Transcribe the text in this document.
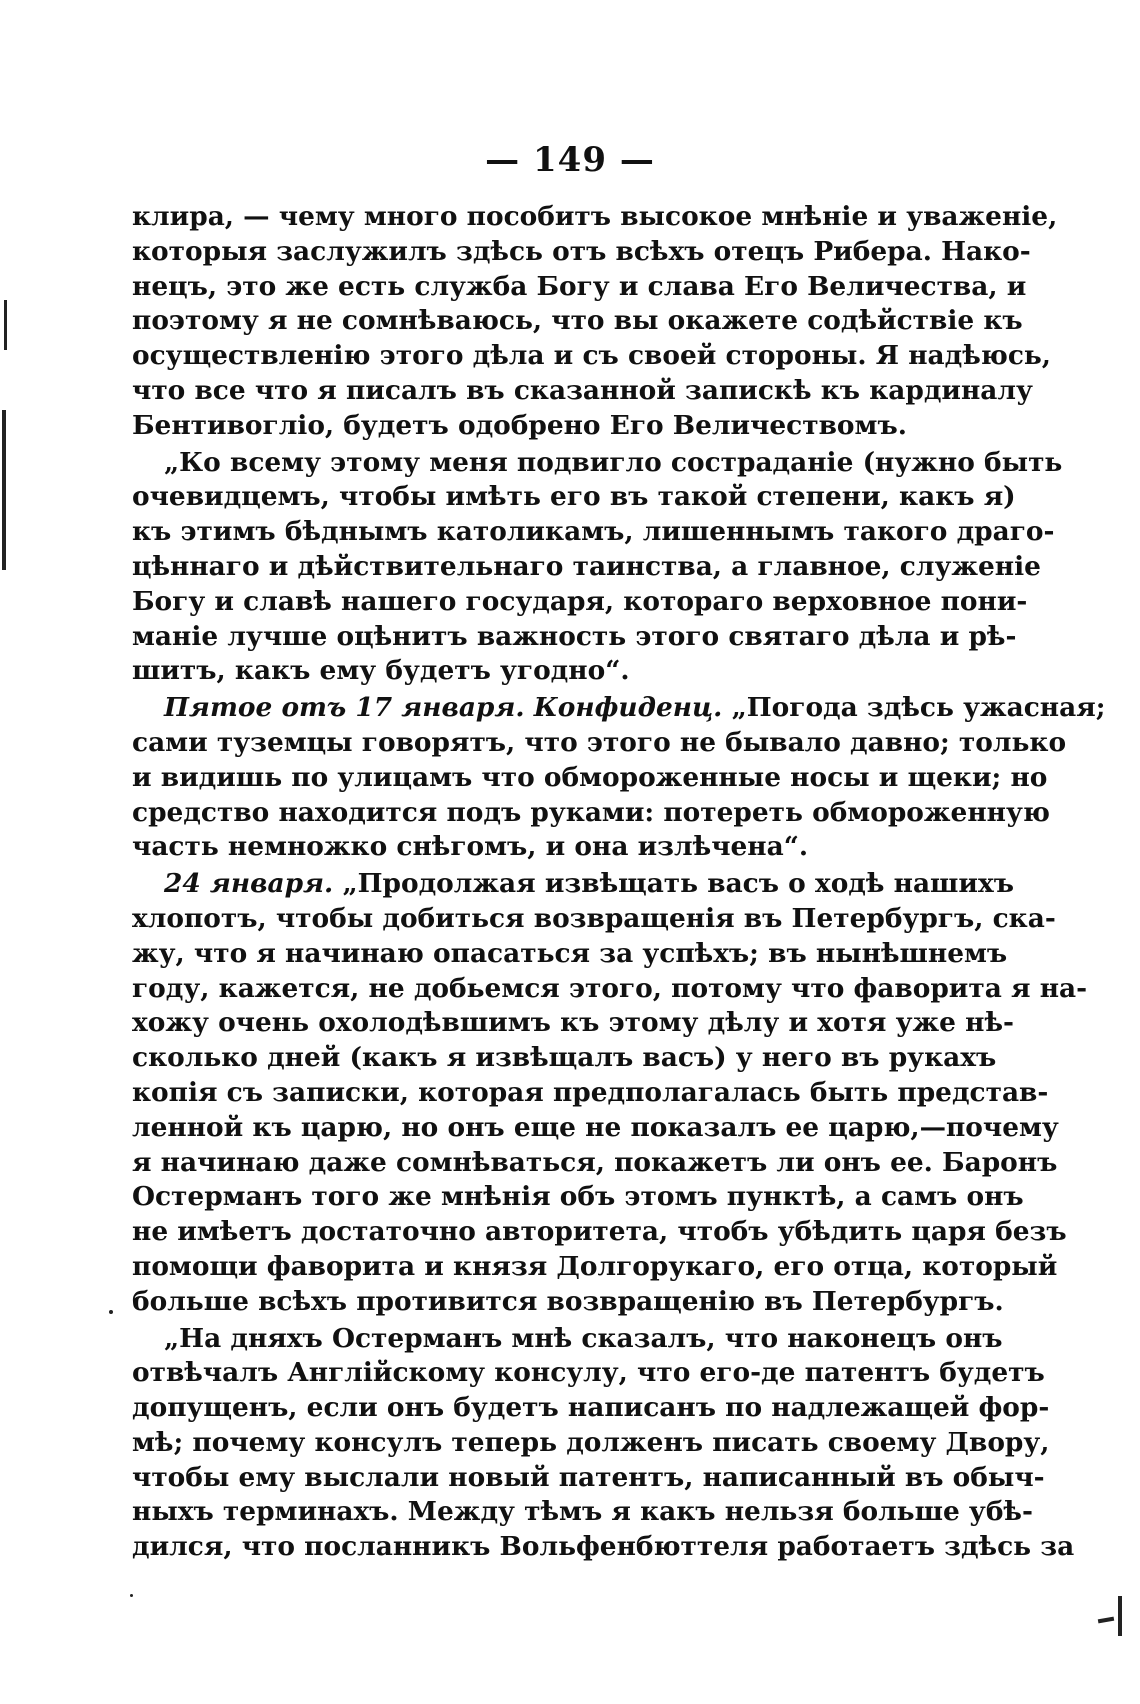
— 149 —
клира, — чему много пособитъ высокое мнѣніе и уваженіе,
которыя заслужилъ здѣсь отъ всѣхъ отецъ Рибера. Нако-
нецъ, это же есть служба Богу и слава Его Величества, и
поэтому я не сомнѣваюсь, что вы окажете содѣйствіе къ
осуществленію этого дѣла и съ своей стороны. Я надѣюсь,
что все что я писалъ въ сказанной запискѣ къ кардиналу
Бентивогліо, будетъ одобрено Его Величествомъ.
„Ко всему этому меня подвигло состраданіе (нужно быть
очевидцемъ, чтобы имѣть его въ такой степени, какъ я)
къ этимъ бѣднымъ католикамъ, лишеннымъ такого драго-
цѣннаго и дѣйствительнаго таинства, а главное, служеніе
Богу и славѣ нашего государя, котораго верховное пони-
маніе лучше оцѣнитъ важность этого святаго дѣла и рѣ-
шитъ, какъ ему будетъ угодно“.
Пятое отъ 17 января. Конфиденц. „Погода здѣсь ужасная;
сами туземцы говорятъ, что этого не бывало давно; только
и видишь по улицамъ что обмороженные носы и щеки; но
средство находится подъ руками: потереть обмороженную
часть немножко снѣгомъ, и она излѣчена“.
24 января. „Продолжая извѣщать васъ о ходѣ нашихъ
хлопотъ, чтобы добиться возвращенія въ Петербургъ, ска-
жу, что я начинаю опасаться за успѣхъ; въ нынѣшнемъ
году, кажется, не добьемся этого, потому что фаворита я на-
хожу очень охолодѣвшимъ къ этому дѣлу и хотя уже нѣ-
сколько дней (какъ я извѣщалъ васъ) у него въ рукахъ
копія съ записки, которая предполагалась быть представ-
ленной къ царю, но онъ еще не показалъ ее царю,—почему
я начинаю даже сомнѣваться, покажетъ ли онъ ее. Баронъ
Остерманъ того же мнѣнія объ этомъ пунктѣ, а самъ онъ
не имѣетъ достаточно авторитета, чтобъ убѣдить царя безъ
помощи фаворита и князя Долгорукаго, его отца, который
больше всѣхъ противится возвращенію въ Петербургъ.
„На дняхъ Остерманъ мнѣ сказалъ, что наконецъ онъ
отвѣчалъ Англійскому консулу, что его-де патентъ будетъ
допущенъ, если онъ будетъ написанъ по надлежащей фор-
мѣ; почему консулъ теперь долженъ писать своему Двору,
чтобы ему выслали новый патентъ, написанный въ обыч-
ныхъ терминахъ. Между тѣмъ я какъ нельзя больше убѣ-
дился, что посланникъ Вольфенбюттеля работаетъ здѣсь за
